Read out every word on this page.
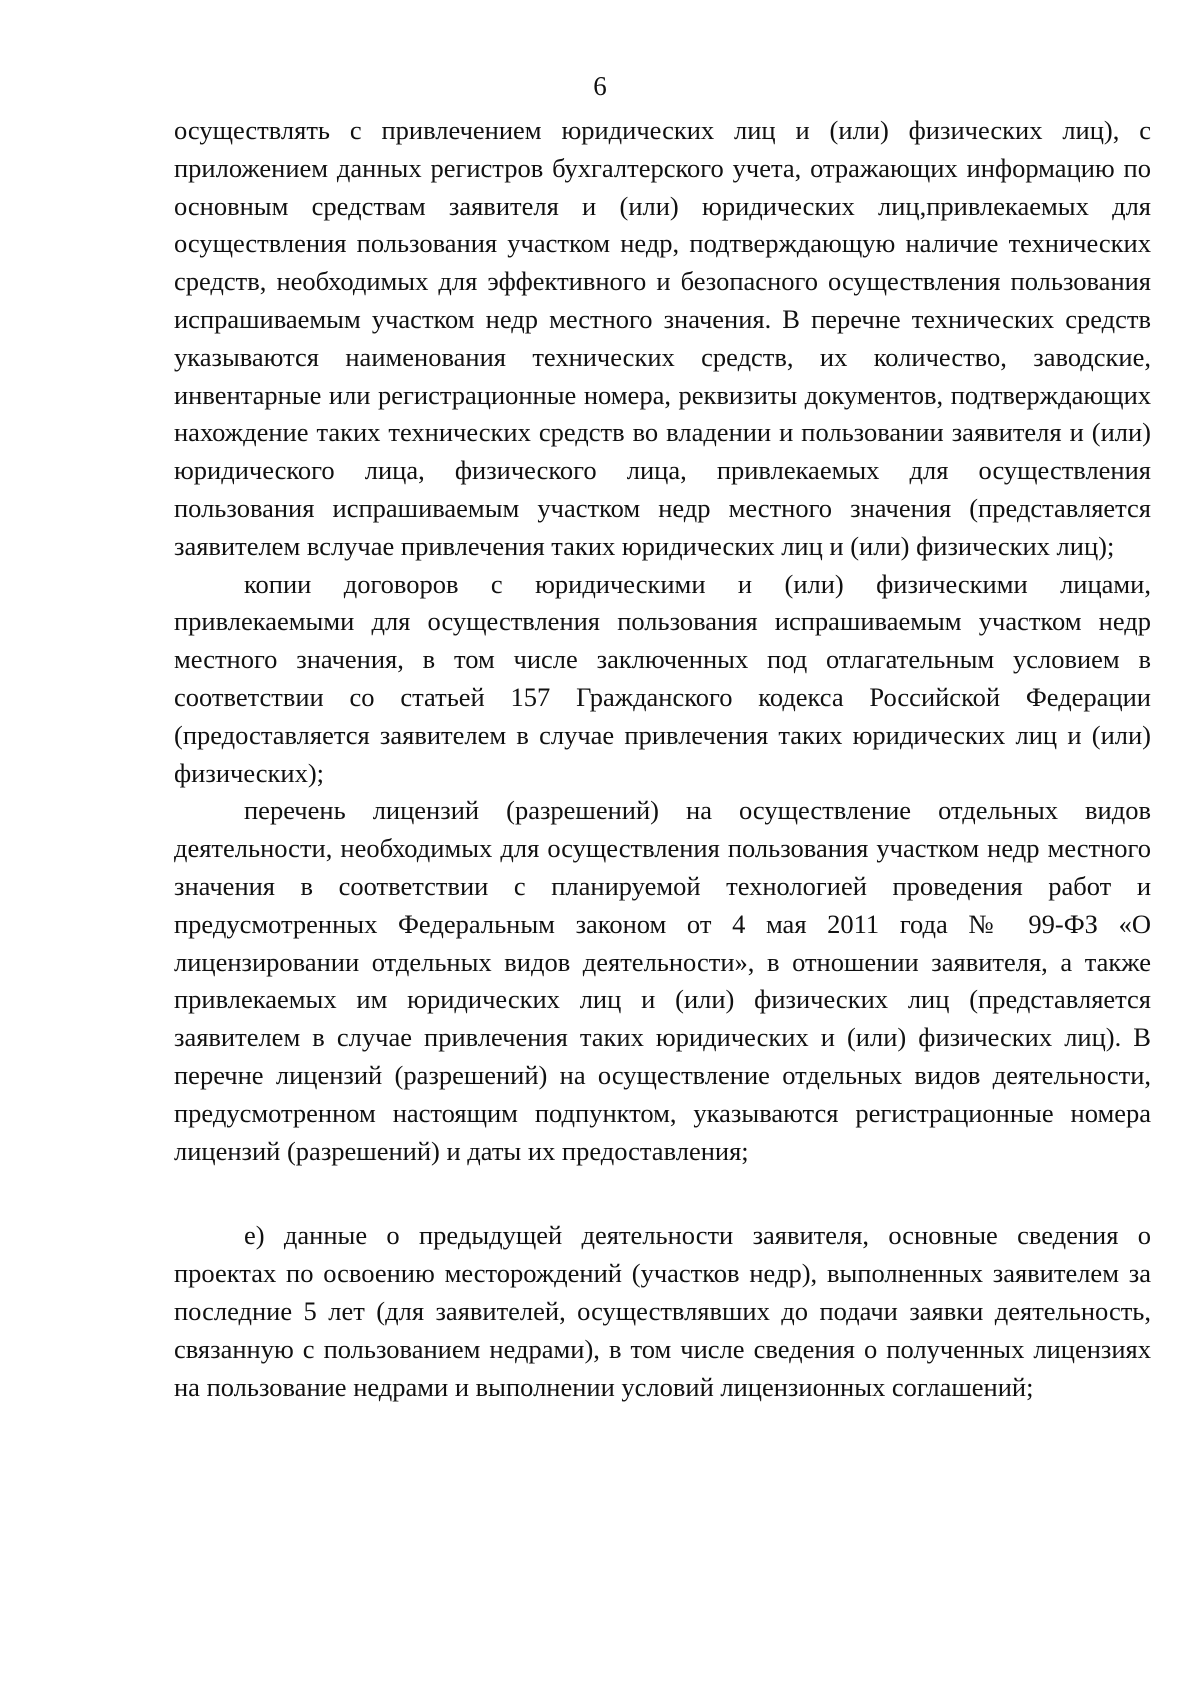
6

осуществлять с привлечением юридических лиц и (или) физических лиц), с приложением данных регистров бухгалтерского учета, отражающих информацию по основным средствам заявителя и (или) юридических лиц,привлекаемых для осуществления пользования участком недр, подтверждающую наличие технических средств, необходимых для эффективного и безопасного осуществления пользования испрашиваемым участком недр местного значения. В перечне технических средств указываются наименования технических средств, их количество, заводские, инвентарные или регистрационные номера, реквизиты документов, подтверждающих нахождение таких технических средств во владении и пользовании заявителя и (или) юридического лица, физического лица, привлекаемых для осуществления пользования испрашиваемым участком недр местного значения (представляется заявителем вслучае привлечения таких юридических лиц и (или) физических лиц);

копии договоров с юридическими и (или) физическими лицами, привлекаемыми для осуществления пользования испрашиваемым участком недр местного значения, в том числе заключенных под отлагательным условием в соответствии со статьей 157 Гражданского кодекса Российской Федерации (предоставляется заявителем в случае привлечения таких юридических лиц и (или) физических);

перечень лицензий (разрешений) на осуществление отдельных видов деятельности, необходимых для осуществления пользования участком недр местного значения в соответствии с планируемой технологией проведения работ и предусмотренных Федеральным законом от 4 мая 2011 года № 99-ФЗ «О лицензировании отдельных видов деятельности», в отношении заявителя, а также привлекаемых им юридических лиц и (или) физических лиц (представляется заявителем в случае привлечения таких юридических и (или) физических лиц). В перечне лицензий (разрешений) на осуществление отдельных видов деятельности, предусмотренном настоящим подпунктом, указываются регистрационные номера лицензий (разрешений) и даты их предоставления;

е) данные о предыдущей деятельности заявителя, основные сведения о проектах по освоению месторождений (участков недр), выполненных заявителем за последние 5 лет (для заявителей, осуществлявших до подачи заявки деятельность, связанную с пользованием недрами), в том числе сведения о полученных лицензиях на пользование недрами и выполнении условий лицензионных соглашений;
